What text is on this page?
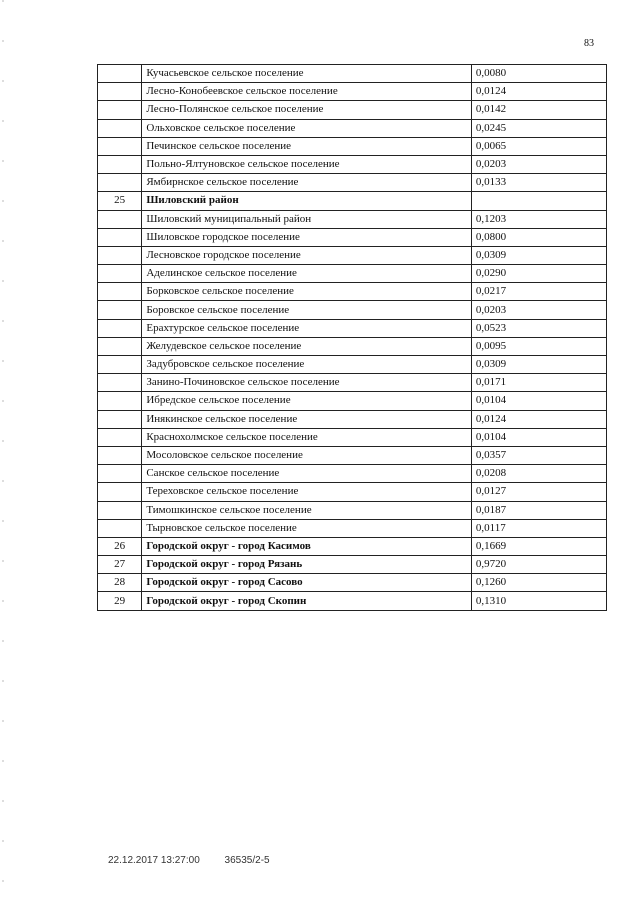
83
	Кучасьевское сельское поселение	0,0080
	Лесно-Конобеевское сельское поселение	0,0124
	Лесно-Полянское сельское поселение	0,0142
	Ольховское сельское поселение	0,0245
	Печинское сельское поселение	0,0065
	Польно-Ялтуновское сельское поселение	0,0203
	Ямбирнское сельское поселение	0,0133
25	Шиловский район	
	Шиловский муниципальный район	0,1203
	Шиловское городское поселение	0,0800
	Лесновское городское поселение	0,0309
	Аделинское сельское поселение	0,0290
	Борковское сельское поселение	0,0217
	Боровское сельское поселение	0,0203
	Ерахтурское сельское поселение	0,0523
	Желудевское сельское поселение	0,0095
	Задубровское сельское поселение	0,0309
	Занино-Починовское сельское поселение	0,0171
	Ибредское сельское поселение	0,0104
	Инякинское сельское поселение	0,0124
	Краснохолмское сельское поселение	0,0104
	Мосоловское сельское поселение	0,0357
	Санское сельское поселение	0,0208
	Тереховское сельское поселение	0,0127
	Тимошкинское сельское поселение	0,0187
	Тырновское сельское поселение	0,0117
26	Городской округ - город Касимов	0,1669
27	Городской округ - город Рязань	0,9720
28	Городской округ - город Сасово	0,1260
29	Городской округ - город Скопин	0,1310
22.12.2017 13:27:00 36535/2-5
